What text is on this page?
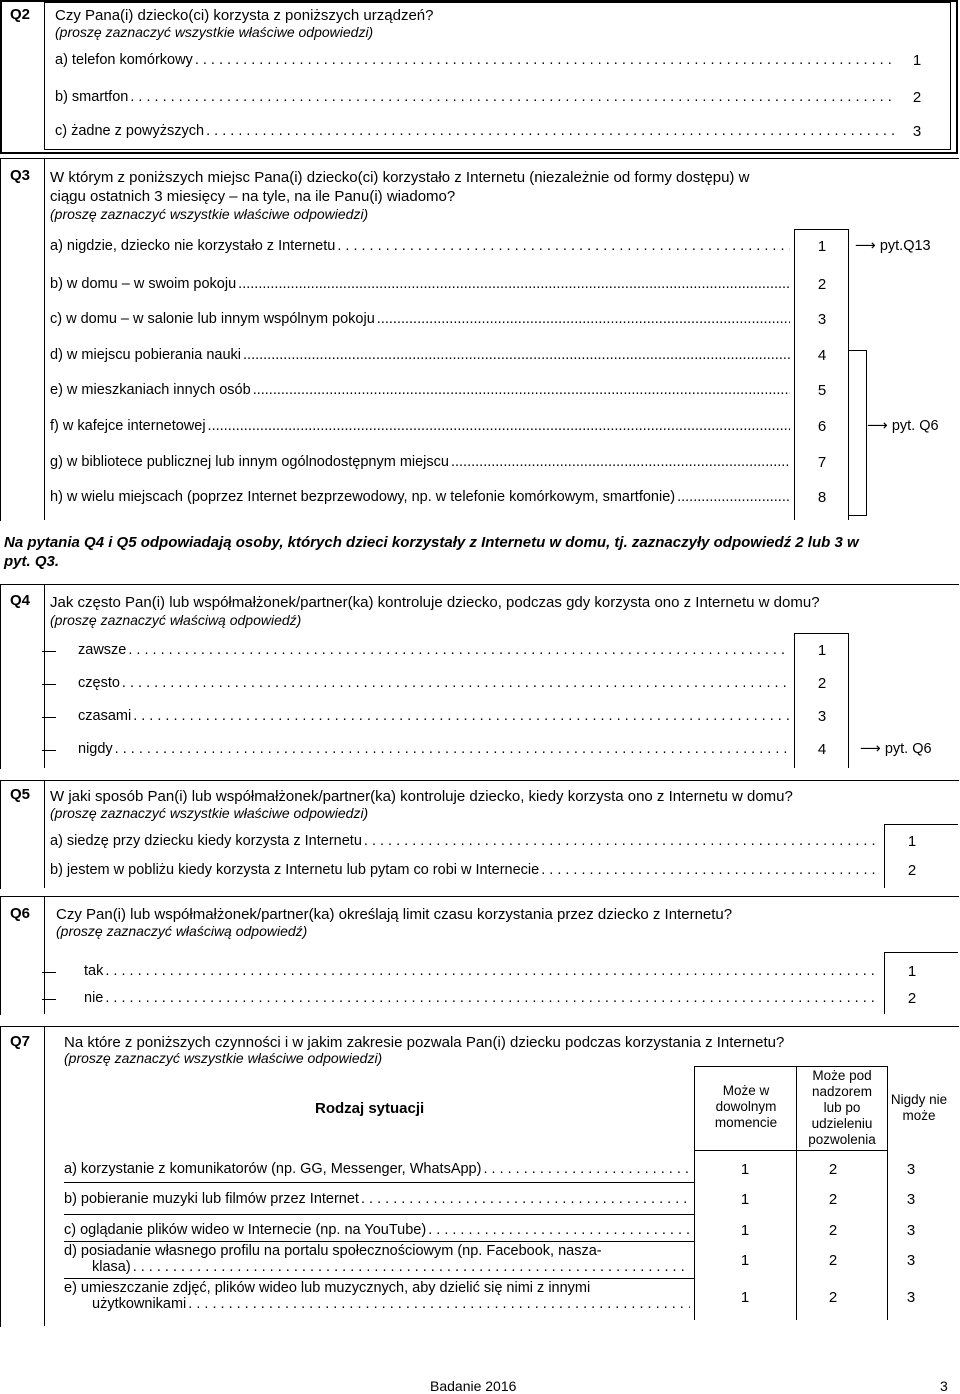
Q2 Czy Pana(i) dziecko(ci) korzysta z poniższych urządzeń?
(proszę zaznaczyć wszystkie właściwe odpowiedzi)
a) telefon komórkowy . . .	1
b) smartfon . . .	2
c) żadne z powyższych . . .	3
Q3 W którym z poniższych miejsc Pana(i) dziecko(ci) korzystało z Internetu (niezależnie od formy dostępu) w
ciągu ostatnich 3 miesięcy – na tyle, na ile Panu(i) wiadomo?
(proszę zaznaczyć wszystkie właściwe odpowiedzi)
a) nigdzie, dziecko nie korzystało z Internetu . . .	1 ⟶ pyt.Q13
b) w domu – w swoim pokoju .....	2
c) w domu – w salonie lub innym wspólnym pokoju .....	3
d) w miejscu pobierania nauki .....	4
e) w mieszkaniach innych osób .....	5
f) w kafejce internetowej .....	6
g) w bibliotece publicznej lub innym ogólnodostępnym miejscu .....	7
h) w wielu miejscach (poprzez Internet bezprzewodowy, np. w telefonie komórkowym, smartfonie) .....	8
⟶ pyt. Q6
Na pytania Q4 i Q5 odpowiadają osoby, których dzieci korzystały z Internetu w domu, tj. zaznaczyły odpowiedź 2 lub 3 w
pyt. Q3.
Q4 Jak często Pan(i) lub współmałżonek/partner(ka) kontroluje dziecko, podczas gdy korzysta ono z Internetu w domu?
(proszę zaznaczyć właściwą odpowiedź)
zawsze . . .	1
często . . .	2
czasami . . .	3
nigdy . . .	4 ⟶ pyt. Q6
Q5 W jaki sposób Pan(i) lub współmałżonek/partner(ka) kontroluje dziecko, kiedy korzysta ono z Internetu w domu?
(proszę zaznaczyć wszystkie właściwe odpowiedzi)
a) siedzę przy dziecku kiedy korzysta z Internetu . . .	1
b) jestem w pobliżu kiedy korzysta z Internetu lub pytam co robi w Internecie . . .	2
Q6 Czy Pan(i) lub współmałżonek/partner(ka) określają limit czasu korzystania przez dziecko z Internetu?
(proszę zaznaczyć właściwą odpowiedź)
tak . . .	1
nie . . .	2
Q7 Na które z poniższych czynności i w jakim zakresie pozwala Pan(i) dziecku podczas korzystania z Internetu?
(proszę zaznaczyć wszystkie właściwe odpowiedzi)
Rodzaj sytuacji
Może w
dowolnym
momencie
Może pod
nadzorem
lub po
udzieleniu
pozwolenia
Nigdy nie
może
a) korzystanie z komunikatorów (np. GG, Messenger, WhatsApp) . . .	1	2	3
b) pobieranie muzyki lub filmów przez Internet . . .	1	2	3
c) oglądanie plików wideo w Internecie (np. na YouTube) . . .	1	2	3
d) posiadanie własnego profilu na portalu społecznościowym (np. Facebook, nasza-
klasa) . . .	1	2	3
e) umieszczanie zdjęć, plików wideo lub muzycznych, aby dzielić się nimi z innymi
użytkownikami . . .	1	2	3
Badanie 2016	3
